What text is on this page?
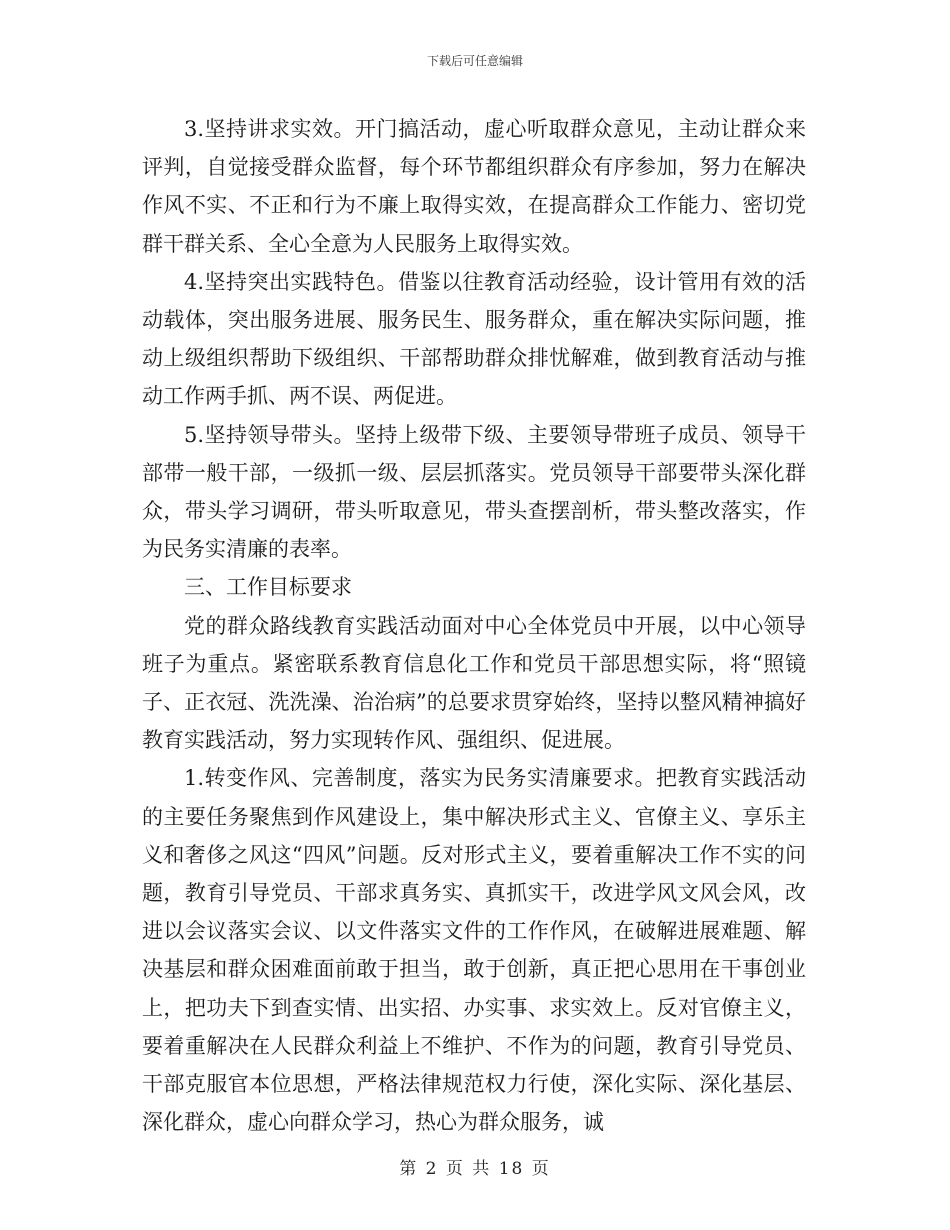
下载后可任意编辑

3.坚持讲求实效。开门搞活动，虚心听取群众意见，主动让群众来评判，自觉接受群众监督，每个环节都组织群众有序参加，努力在解决作风不实、不正和行为不廉上取得实效，在提高群众工作能力、密切党群干群关系、全心全意为人民服务上取得实效。

4.坚持突出实践特色。借鉴以往教育活动经验，设计管用有效的活动载体，突出服务进展、服务民生、服务群众，重在解决实际问题，推动上级组织帮助下级组织、干部帮助群众排忧解难，做到教育活动与推动工作两手抓、两不误、两促进。

5.坚持领导带头。坚持上级带下级、主要领导带班子成员、领导干部带一般干部，一级抓一级、层层抓落实。党员领导干部要带头深化群众，带头学习调研，带头听取意见，带头查摆剖析，带头整改落实，作为民务实清廉的表率。

三、工作目标要求

党的群众路线教育实践活动面对中心全体党员中开展，以中心领导班子为重点。紧密联系教育信息化工作和党员干部思想实际，将“照镜子、正衣冠、洗洗澡、治治病”的总要求贯穿始终，坚持以整风精神搞好教育实践活动，努力实现转作风、强组织、促进展。

1.转变作风、完善制度，落实为民务实清廉要求。把教育实践活动的主要任务聚焦到作风建设上，集中解决形式主义、官僚主义、享乐主义和奢侈之风这“四风”问题。反对形式主义，要着重解决工作不实的问题，教育引导党员、干部求真务实、真抓实干，改进学风文风会风，改进以会议落实会议、以文件落实文件的工作作风，在破解进展难题、解决基层和群众困难面前敢于担当，敢于创新，真正把心思用在干事创业上，把功夫下到查实情、出实招、办实事、求实效上。反对官僚主义，要着重解决在人民群众利益上不维护、不作为的问题，教育引导党员、干部克服官本位思想，严格法律规范权力行使，深化实际、深化基层、深化群众，虚心向群众学习，热心为群众服务，诚

第 2 页 共 18 页
